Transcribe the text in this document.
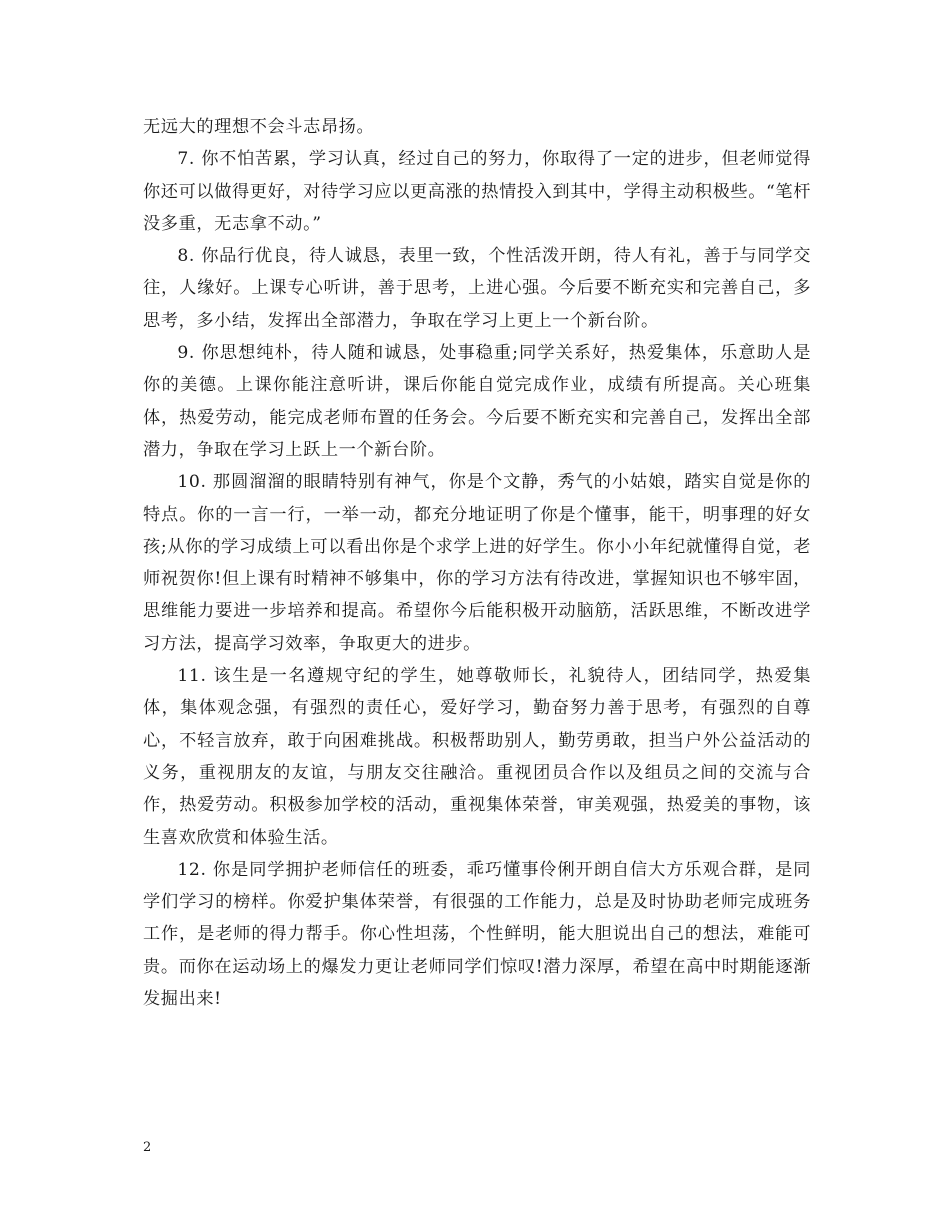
无远大的理想不会斗志昂扬。

7. 你不怕苦累，学习认真，经过自己的努力，你取得了一定的进步，但老师觉得你还可以做得更好，对待学习应以更高涨的热情投入到其中，学得主动积极些。“笔杆没多重，无志拿不动。”

8. 你品行优良，待人诚恳，表里一致，个性活泼开朗，待人有礼，善于与同学交往，人缘好。上课专心听讲，善于思考，上进心强。今后要不断充实和完善自己，多思考，多小结，发挥出全部潜力，争取在学习上更上一个新台阶。

9. 你思想纯朴，待人随和诚恳，处事稳重;同学关系好，热爱集体，乐意助人是你的美德。上课你能注意听讲，课后你能自觉完成作业，成绩有所提高。关心班集体，热爱劳动，能完成老师布置的任务会。今后要不断充实和完善自己，发挥出全部潜力，争取在学习上跃上一个新台阶。

10. 那圆溜溜的眼睛特别有神气，你是个文静，秀气的小姑娘，踏实自觉是你的特点。你的一言一行，一举一动，都充分地证明了你是个懂事，能干，明事理的好女孩;从你的学习成绩上可以看出你是个求学上进的好学生。你小小年纪就懂得自觉，老师祝贺你!但上课有时精神不够集中，你的学习方法有待改进，掌握知识也不够牢固，思维能力要进一步培养和提高。希望你今后能积极开动脑筋，活跃思维，不断改进学习方法，提高学习效率，争取更大的进步。

11. 该生是一名遵规守纪的学生，她尊敬师长，礼貌待人，团结同学，热爱集体，集体观念强，有强烈的责任心，爱好学习，勤奋努力善于思考，有强烈的自尊心，不轻言放弃，敢于向困难挑战。积极帮助别人，勤劳勇敢，担当户外公益活动的义务，重视朋友的友谊，与朋友交往融洽。重视团员合作以及组员之间的交流与合作，热爱劳动。积极参加学校的活动，重视集体荣誉，审美观强，热爱美的事物，该生喜欢欣赏和体验生活。

12. 你是同学拥护老师信任的班委，乖巧懂事伶俐开朗自信大方乐观合群，是同学们学习的榜样。你爱护集体荣誉，有很强的工作能力，总是及时协助老师完成班务工作，是老师的得力帮手。你心性坦荡，个性鲜明，能大胆说出自己的想法，难能可贵。而你在运动场上的爆发力更让老师同学们惊叹!潜力深厚，希望在高中时期能逐渐发掘出来!

2
